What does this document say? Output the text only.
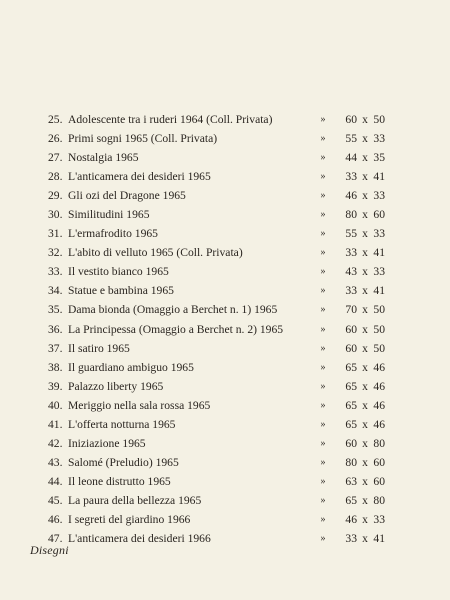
25. Adolescente tra i ruderi 1964 (Coll. Privata)	»	60 x 50
26. Primi sogni 1965 (Coll. Privata)	»	55 x 33
27. Nostalgia 1965	»	44 x 35
28. L'anticamera dei desideri 1965	»	33 x 41
29. Gli ozi del Dragone 1965	»	46 x 33
30. Similitudini 1965	»	80 x 60
31. L'ermafrodito 1965	»	55 x 33
32. L'abito di velluto 1965 (Coll. Privata)	»	33 x 41
33. Il vestito bianco 1965	»	43 x 33
34. Statue e bambina 1965	»	33 x 41
35. Dama bionda (Omaggio a Berchet n. 1) 1965	»	70 x 50
36. La Principessa (Omaggio a Berchet n. 2) 1965	»	60 x 50
37. Il satiro 1965	»	60 x 50
38. Il guardiano ambiguo 1965	»	65 x 46
39. Palazzo liberty 1965	»	65 x 46
40. Meriggio nella sala rossa 1965	»	65 x 46
41. L'offerta notturna 1965	»	65 x 46
42. Iniziazione 1965	»	60 x 80
43. Salomé (Preludio) 1965	»	80 x 60
44. Il leone distrutto 1965	»	63 x 60
45. La paura della bellezza 1965	»	65 x 80
46. I segreti del giardino 1966	»	46 x 33
47. L'anticamera dei desideri 1966	»	33 x 41
Disegni
